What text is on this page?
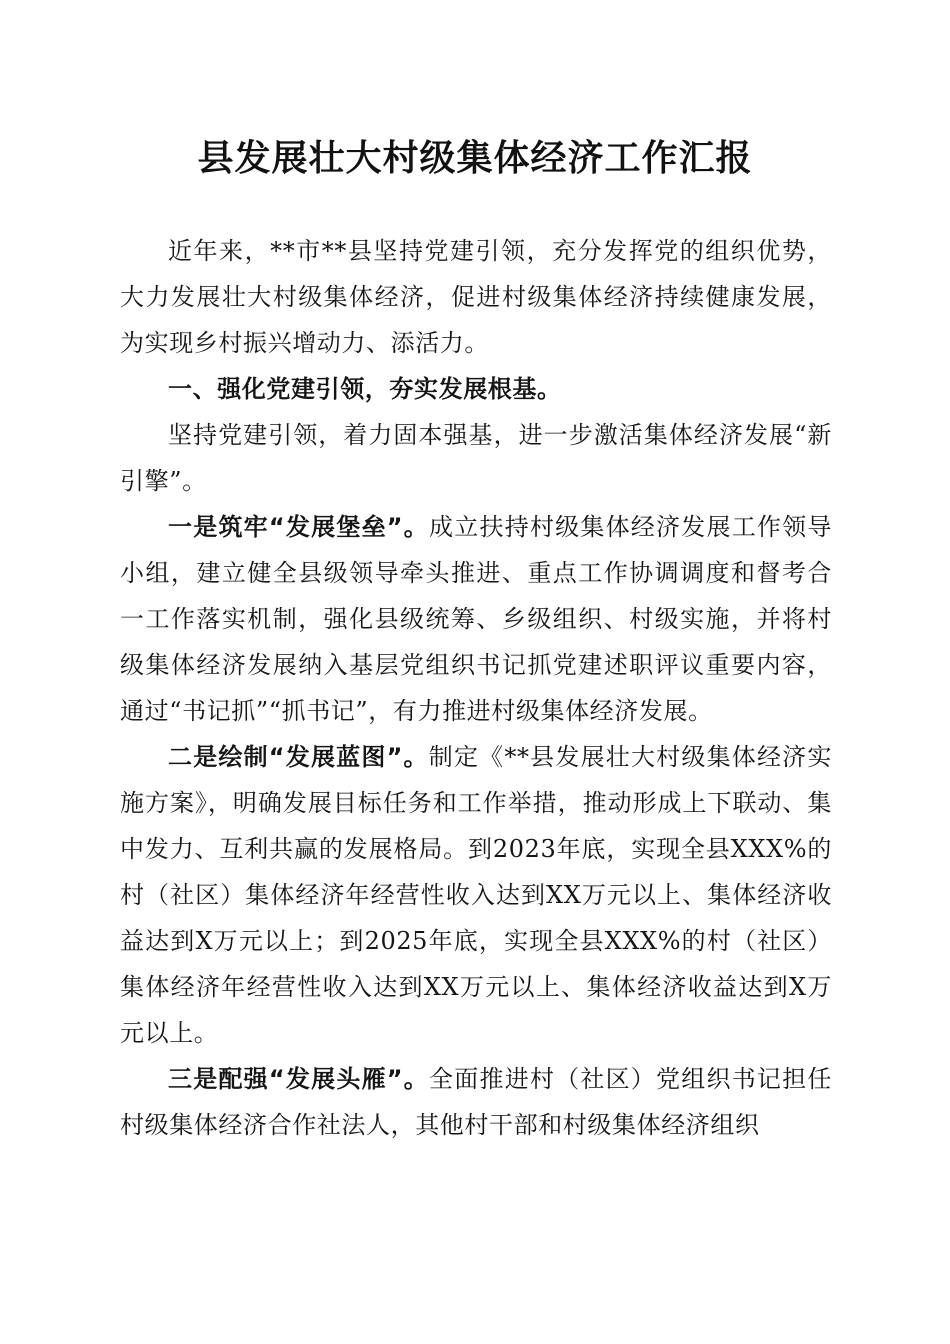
县发展壮大村级集体经济工作汇报

近年来，**市**县坚持党建引领，充分发挥党的组织优势，大力发展壮大村级集体经济，促进村级集体经济持续健康发展，为实现乡村振兴增动力、添活力。

一、强化党建引领，夯实发展根基。

坚持党建引领，着力固本强基，进一步激活集体经济发展“新引擎”。

一是筑牢“发展堡垒”。成立扶持村级集体经济发展工作领导小组，建立健全县级领导牵头推进、重点工作协调调度和督考合一工作落实机制，强化县级统筹、乡级组织、村级实施，并将村级集体经济发展纳入基层党组织书记抓党建述职评议重要内容，通过“书记抓”“抓书记”，有力推进村级集体经济发展。

二是绘制“发展蓝图”。制定《**县发展壮大村级集体经济实施方案》，明确发展目标任务和工作举措，推动形成上下联动、集中发力、互利共赢的发展格局。到2023年底，实现全县XXX%的村（社区）集体经济年经营性收入达到XX万元以上、集体经济收益达到X万元以上；到2025年底，实现全县XXX%的村（社区）集体经济年经营性收入达到XX万元以上、集体经济收益达到X万元以上。

三是配强“发展头雁”。全面推进村（社区）党组织书记担任村级集体经济合作社法人，其他村干部和村级集体经济组织
